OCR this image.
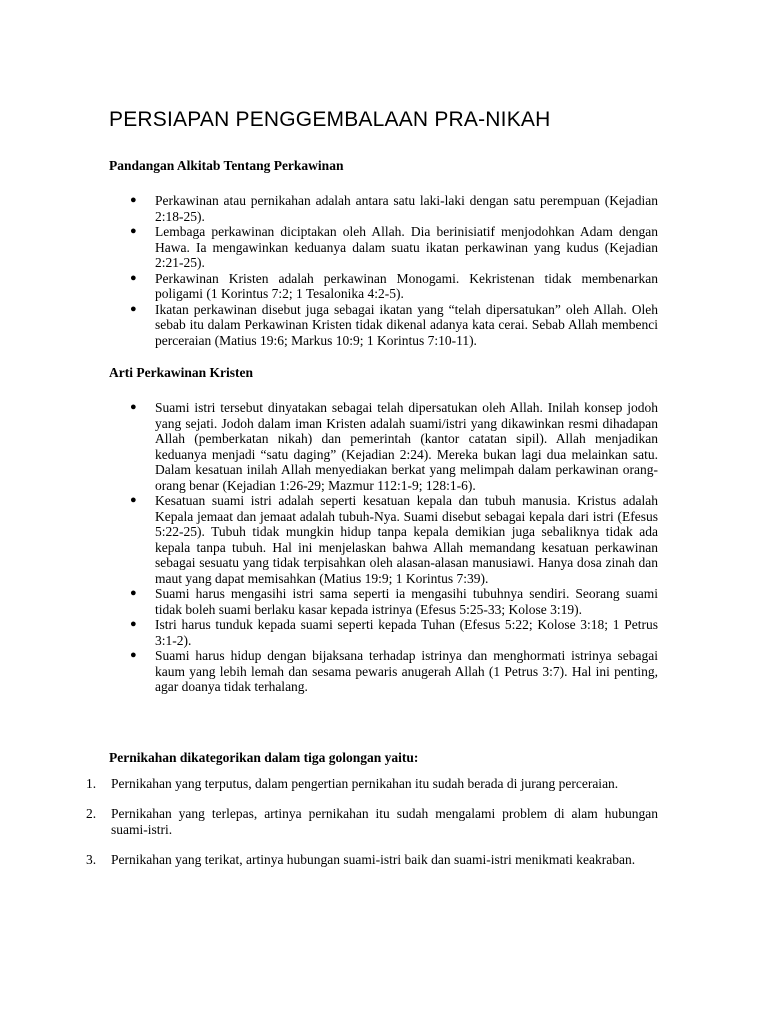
PERSIAPAN PENGGEMBALAAN PRA-NIKAH
Pandangan Alkitab Tentang Perkawinan
● Perkawinan atau pernikahan adalah antara satu laki-laki dengan satu perempuan (Kejadian 2:18-25).
● Lembaga perkawinan diciptakan oleh Allah. Dia berinisiatif menjodohkan Adam dengan Hawa. Ia mengawinkan keduanya dalam suatu ikatan perkawinan yang kudus (Kejadian 2:21-25).
● Perkawinan Kristen adalah perkawinan Monogami. Kekristenan tidak membenarkan poligami (1 Korintus 7:2; 1 Tesalonika 4:2-5).
● Ikatan perkawinan disebut juga sebagai ikatan yang “telah dipersatukan” oleh Allah. Oleh sebab itu dalam Perkawinan Kristen tidak dikenal adanya kata cerai. Sebab Allah membenci perceraian (Matius 19:6; Markus 10:9; 1 Korintus 7:10-11).
Arti Perkawinan Kristen
● Suami istri tersebut dinyatakan sebagai telah dipersatukan oleh Allah. Inilah konsep jodoh yang sejati. Jodoh dalam iman Kristen adalah suami/istri yang dikawinkan resmi dihadapan Allah (pemberkatan nikah) dan pemerintah (kantor catatan sipil). Allah menjadikan keduanya menjadi “satu daging” (Kejadian 2:24). Mereka bukan lagi dua melainkan satu. Dalam kesatuan inilah Allah menyediakan berkat yang melimpah dalam perkawinan orang-orang benar (Kejadian 1:26-29; Mazmur 112:1-9; 128:1-6).
● Kesatuan suami istri adalah seperti kesatuan kepala dan tubuh manusia. Kristus adalah Kepala jemaat dan jemaat adalah tubuh-Nya. Suami disebut sebagai kepala dari istri (Efesus 5:22-25). Tubuh tidak mungkin hidup tanpa kepala demikian juga sebaliknya tidak ada kepala tanpa tubuh. Hal ini menjelaskan bahwa Allah memandang kesatuan perkawinan sebagai sesuatu yang tidak terpisahkan oleh alasan-alasan manusiawi. Hanya dosa zinah dan maut yang dapat memisahkan (Matius 19:9; 1 Korintus 7:39).
● Suami harus mengasihi istri sama seperti ia mengasihi tubuhnya sendiri. Seorang suami tidak boleh suami berlaku kasar kepada istrinya (Efesus 5:25-33; Kolose 3:19).
● Istri harus tunduk kepada suami seperti kepada Tuhan (Efesus 5:22; Kolose 3:18; 1 Petrus 3:1-2).
● Suami harus hidup dengan bijaksana terhadap istrinya dan menghormati istrinya sebagai kaum yang lebih lemah dan sesama pewaris anugerah Allah (1 Petrus 3:7). Hal ini penting, agar doanya tidak terhalang.
Pernikahan dikategorikan dalam tiga golongan yaitu:
1. Pernikahan yang terputus, dalam pengertian pernikahan itu sudah berada di jurang perceraian.
2. Pernikahan yang terlepas, artinya pernikahan itu sudah mengalami problem di alam hubungan suami-istri.
3. Pernikahan yang terikat, artinya hubungan suami-istri baik dan suami-istri menikmati keakraban.
